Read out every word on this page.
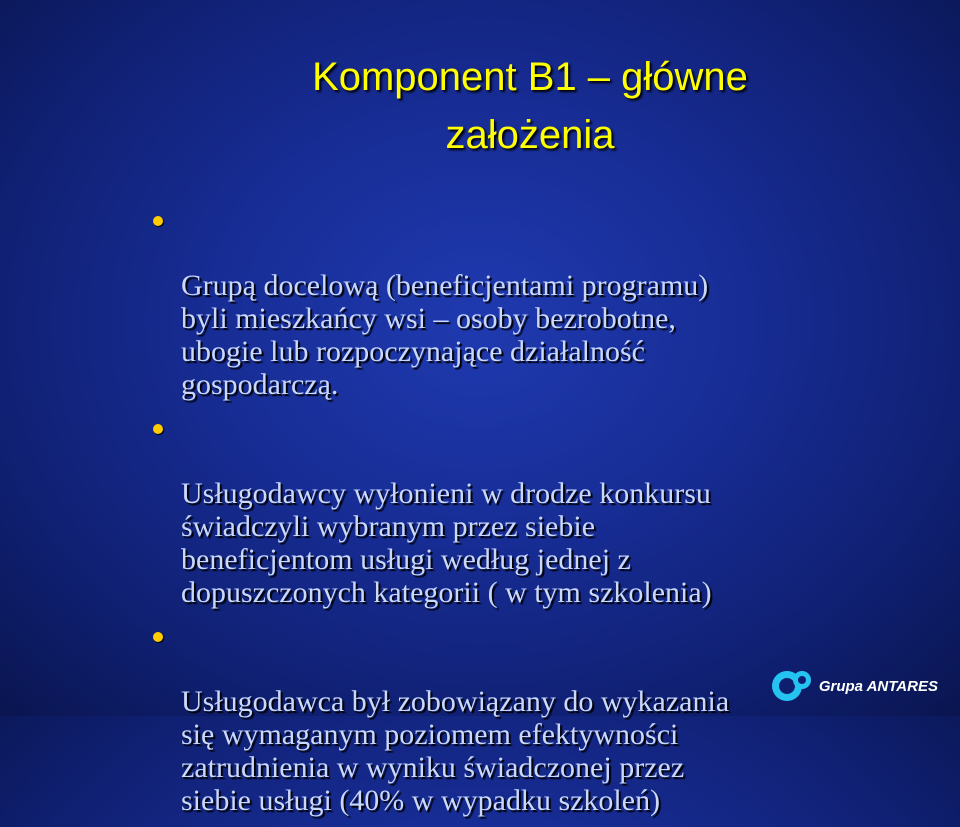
Komponent B1 – główne
założenia

Grupą docelową (beneficjentami programu)
byli mieszkańcy wsi – osoby bezrobotne,
ubogie lub rozpoczynające działalność
gospodarczą.

Usługodawcy wyłonieni w drodze konkursu
świadczyli wybranym przez siebie
beneficjentom usługi według jednej z
dopuszczonych kategorii ( w tym szkolenia)

Usługodawca był zobowiązany do wykazania
się wymaganym poziomem efektywności
zatrudnienia w wyniku świadczonej przez
siebie usługi (40% w wypadku szkoleń)

Grupa ANTARES
